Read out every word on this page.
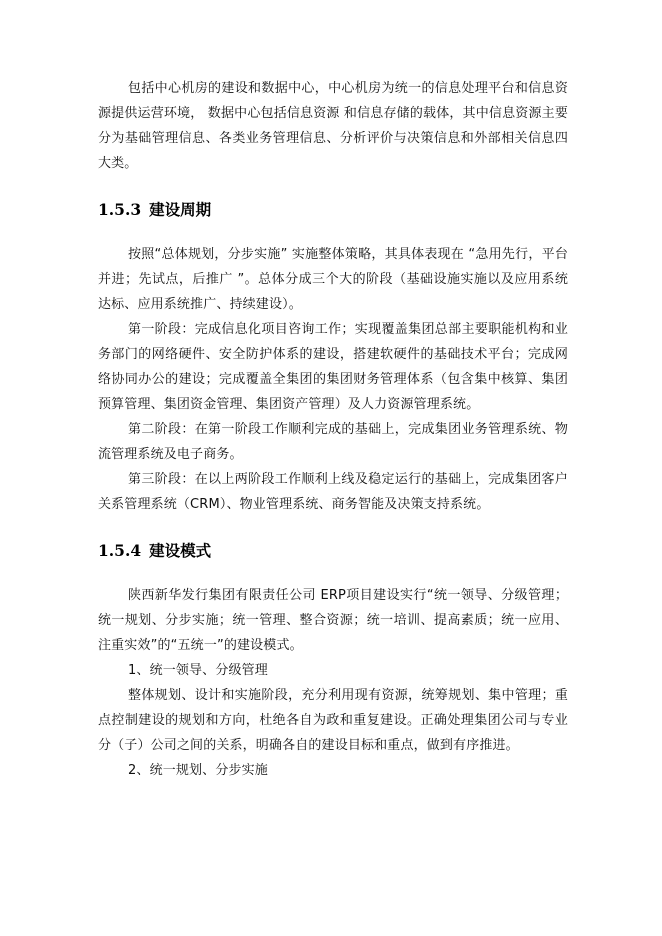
包括中心机房的建设和数据中心，中心机房为统一的信息处理平台和信息资源提供运营环境， 数据中心包括信息资源 和信息存储的载体，其中信息资源主要分为基础管理信息、各类业务管理信息、分析评价与决策信息和外部相关信息四大类。

1.5.3 建设周期

按照“总体规划，分步实施” 实施整体策略，其具体表现在 “急用先行，平台并进；先试点，后推广 ”。总体分成三个大的阶段（基础设施实施以及应用系统达标、应用系统推广、持续建设）。

第一阶段：完成信息化项目咨询工作；实现覆盖集团总部主要职能机构和业务部门的网络硬件、安全防护体系的建设，搭建软硬件的基础技术平台；完成网络协同办公的建设；完成覆盖全集团的集团财务管理体系（包含集中核算、集团预算管理、集团资金管理、集团资产管理）及人力资源管理系统。

第二阶段：在第一阶段工作顺利完成的基础上，完成集团业务管理系统、物流管理系统及电子商务。

第三阶段：在以上两阶段工作顺利上线及稳定运行的基础上，完成集团客户关系管理系统（CRM）、物业管理系统、商务智能及决策支持系统。

1.5.4 建设模式

陕西新华发行集团有限责任公司 ERP项目建设实行“统一领导、分级管理；统一规划、分步实施；统一管理、整合资源；统一培训、提高素质；统一应用、注重实效”的“五统一”的建设模式。

1、统一领导、分级管理

整体规划、设计和实施阶段，充分利用现有资源，统筹规划、集中管理；重点控制建设的规划和方向，杜绝各自为政和重复建设。正确处理集团公司与专业分（子）公司之间的关系，明确各自的建设目标和重点，做到有序推进。

2、统一规划、分步实施
